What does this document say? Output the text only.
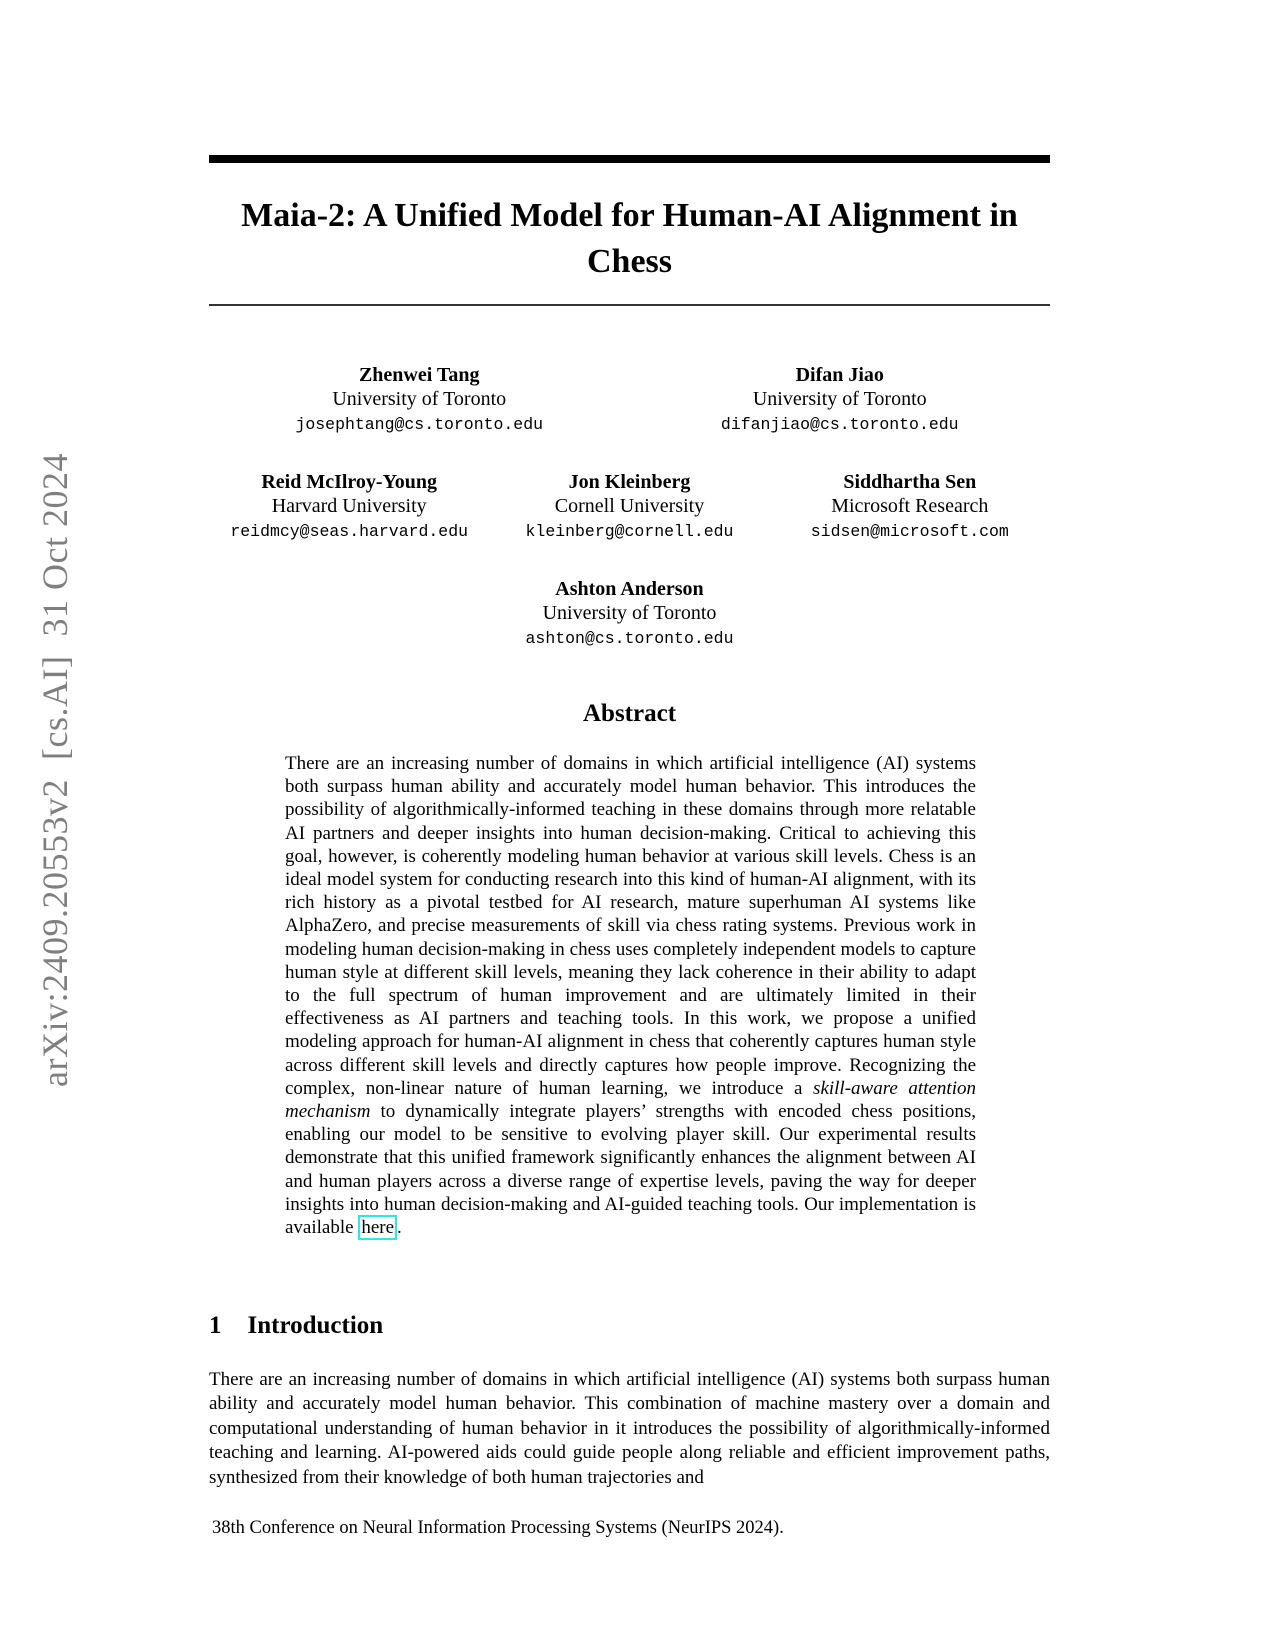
arXiv:2409.20553v2  [cs.AI]  31 Oct 2024
Maia-2: A Unified Model for Human-AI Alignment in
Chess
Zhenwei Tang
University of Toronto
josephtang@cs.toronto.edu
Difan Jiao
University of Toronto
difanjiao@cs.toronto.edu
Reid McIlroy-Young
Harvard University
reidmcy@seas.harvard.edu
Jon Kleinberg
Cornell University
kleinberg@cornell.edu
Siddhartha Sen
Microsoft Research
sidsen@microsoft.com
Ashton Anderson
University of Toronto
ashton@cs.toronto.edu
Abstract

There are an increasing number of domains in which artificial intelligence (AI) systems both surpass human ability and accurately model human behavior. This introduces the possibility of algorithmically-informed teaching in these domains through more relatable AI partners and deeper insights into human decision-making. Critical to achieving this goal, however, is coherently modeling human behavior at various skill levels. Chess is an ideal model system for conducting research into this kind of human-AI alignment, with its rich history as a pivotal testbed for AI research, mature superhuman AI systems like AlphaZero, and precise measurements of skill via chess rating systems. Previous work in modeling human decision-making in chess uses completely independent models to capture human style at different skill levels, meaning they lack coherence in their ability to adapt to the full spectrum of human improvement and are ultimately limited in their effectiveness as AI partners and teaching tools. In this work, we propose a unified modeling approach for human-AI alignment in chess that coherently captures human style across different skill levels and directly captures how people improve. Recognizing the complex, non-linear nature of human learning, we introduce a skill-aware attention mechanism to dynamically integrate players’ strengths with encoded chess positions, enabling our model to be sensitive to evolving player skill. Our experimental results demonstrate that this unified framework significantly enhances the alignment between AI and human players across a diverse range of expertise levels, paving the way for deeper insights into human decision-making and AI-guided teaching tools. Our implementation is available here .

1 Introduction

There are an increasing number of domains in which artificial intelligence (AI) systems both surpass human ability and accurately model human behavior. This combination of machine mastery over a domain and computational understanding of human behavior in it introduces the possibility of algorithmically-informed teaching and learning. AI-powered aids could guide people along reliable and efficient improvement paths, synthesized from their knowledge of both human trajectories and

38th Conference on Neural Information Processing Systems (NeurIPS 2024).
